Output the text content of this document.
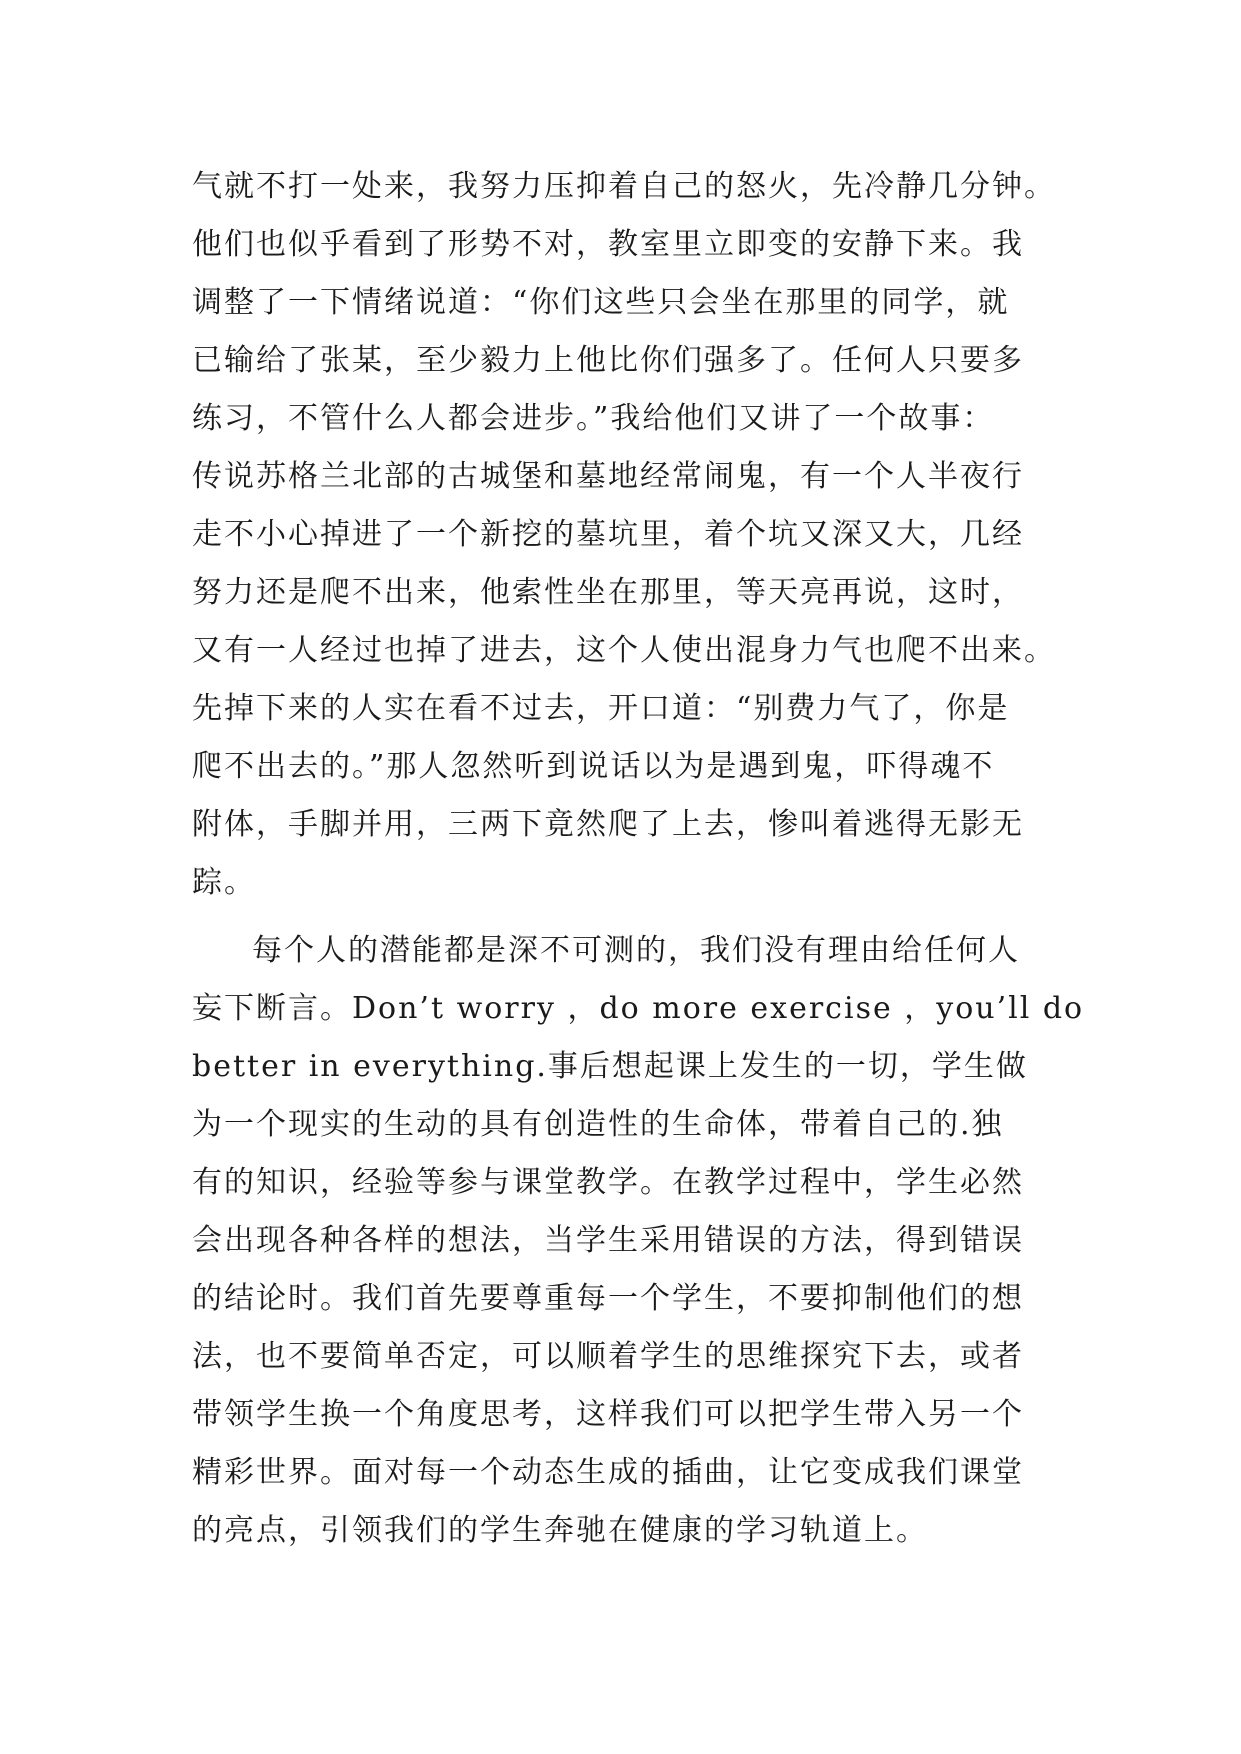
气就不打一处来，我努力压抑着自己的怒火，先冷静几分钟。
他们也似乎看到了形势不对，教室里立即变的安静下来。我
调整了一下情绪说道：“你们这些只会坐在那里的同学，就
已输给了张某，至少毅力上他比你们强多了。任何人只要多
练习，不管什么人都会进步。”我给他们又讲了一个故事：
传说苏格兰北部的古城堡和墓地经常闹鬼，有一个人半夜行
走不小心掉进了一个新挖的墓坑里，着个坑又深又大，几经
努力还是爬不出来，他索性坐在那里，等天亮再说，这时，
又有一人经过也掉了进去，这个人使出混身力气也爬不出来。
先掉下来的人实在看不过去，开口道：“别费力气了，你是
爬不出去的。”那人忽然听到说话以为是遇到鬼，吓得魂不
附体，手脚并用，三两下竟然爬了上去，惨叫着逃得无影无
踪。
每个人的潜能都是深不可测的，我们没有理由给任何人
妄下断言。Don’t worry ，do more exercise ，you’ll do
better in everything.事后想起课上发生的一切，学生做
为一个现实的生动的具有创造性的生命体，带着自己的.独
有的知识，经验等参与课堂教学。在教学过程中，学生必然
会出现各种各样的想法，当学生采用错误的方法，得到错误
的结论时。我们首先要尊重每一个学生，不要抑制他们的想
法，也不要简单否定，可以顺着学生的思维探究下去，或者
带领学生换一个角度思考，这样我们可以把学生带入另一个
精彩世界。面对每一个动态生成的插曲，让它变成我们课堂
的亮点，引领我们的学生奔驰在健康的学习轨道上。
